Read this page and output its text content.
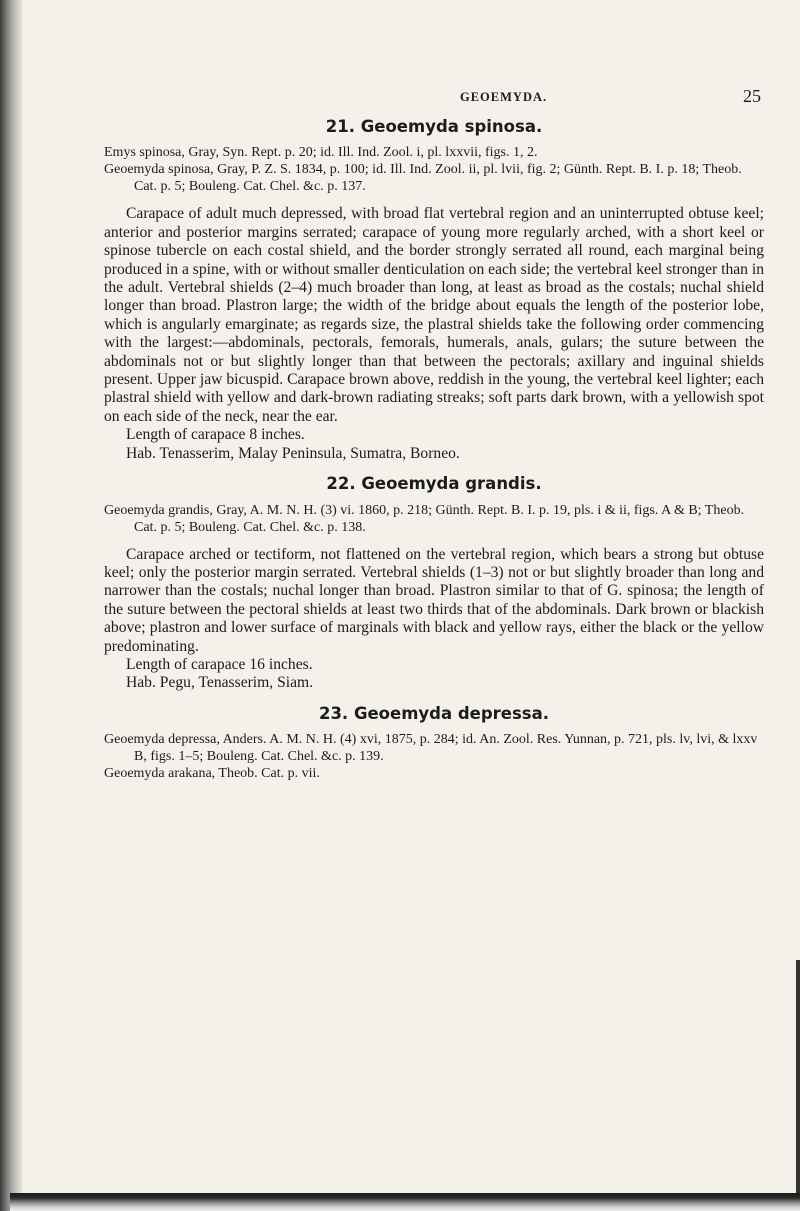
GEOEMYDA.	25
21. Geoemyda spinosa.
Emys spinosa, Gray, Syn. Rept. p. 20; id. Ill. Ind. Zool. i, pl. lxxvii, figs. 1, 2.
Geoemyda spinosa, Gray, P. Z. S. 1834, p. 100; id. Ill. Ind. Zool. ii, pl. lvii, fig. 2; Günth. Rept. B. I. p. 18; Theob. Cat. p. 5; Bouleng. Cat. Chel. &c. p. 137.

Carapace of adult much depressed, with broad flat vertebral region and an uninterrupted obtuse keel; anterior and posterior margins serrated; carapace of young more regularly arched, with a short keel or spinose tubercle on each costal shield, and the border strongly serrated all round, each marginal being produced in a spine, with or without smaller denticulation on each side; the vertebral keel stronger than in the adult. Vertebral shields (2–4) much broader than long, at least as broad as the costals; nuchal shield longer than broad. Plastron large; the width of the bridge about equals the length of the posterior lobe, which is angularly emarginate; as regards size, the plastral shields take the following order commencing with the largest:—abdominals, pectorals, femorals, humerals, anals, gulars; the suture between the abdominals not or but slightly longer than that between the pectorals; axillary and inguinal shields present. Upper jaw bicuspid. Carapace brown above, reddish in the young, the vertebral keel lighter; each plastral shield with yellow and dark-brown radiating streaks; soft parts dark brown, with a yellowish spot on each side of the neck, near the ear.

Length of carapace 8 inches.

Hab. Tenasserim, Malay Peninsula, Sumatra, Borneo.

22. Geoemyda grandis.
Geoemyda grandis, Gray, A. M. N. H. (3) vi. 1860, p. 218; Günth. Rept. B. I. p. 19, pls. i & ii, figs. A & B; Theob. Cat. p. 5; Bouleng. Cat. Chel. &c. p. 138.

Carapace arched or tectiform, not flattened on the vertebral region, which bears a strong but obtuse keel; only the posterior margin serrated. Vertebral shields (1–3) not or but slightly broader than long and narrower than the costals; nuchal longer than broad. Plastron similar to that of G. spinosa; the length of the suture between the pectoral shields at least two thirds that of the abdominals. Dark brown or blackish above; plastron and lower surface of marginals with black and yellow rays, either the black or the yellow predominating.

Length of carapace 16 inches.

Hab. Pegu, Tenasserim, Siam.

23. Geoemyda depressa.
Geoemyda depressa, Anders. A. M. N. H. (4) xvi, 1875, p. 284; id. An. Zool. Res. Yunnan, p. 721, pls. lv, lvi, & lxxv B, figs. 1–5; Bouleng. Cat. Chel. &c. p. 139.
Geoemyda arakana, Theob. Cat. p. vii.
